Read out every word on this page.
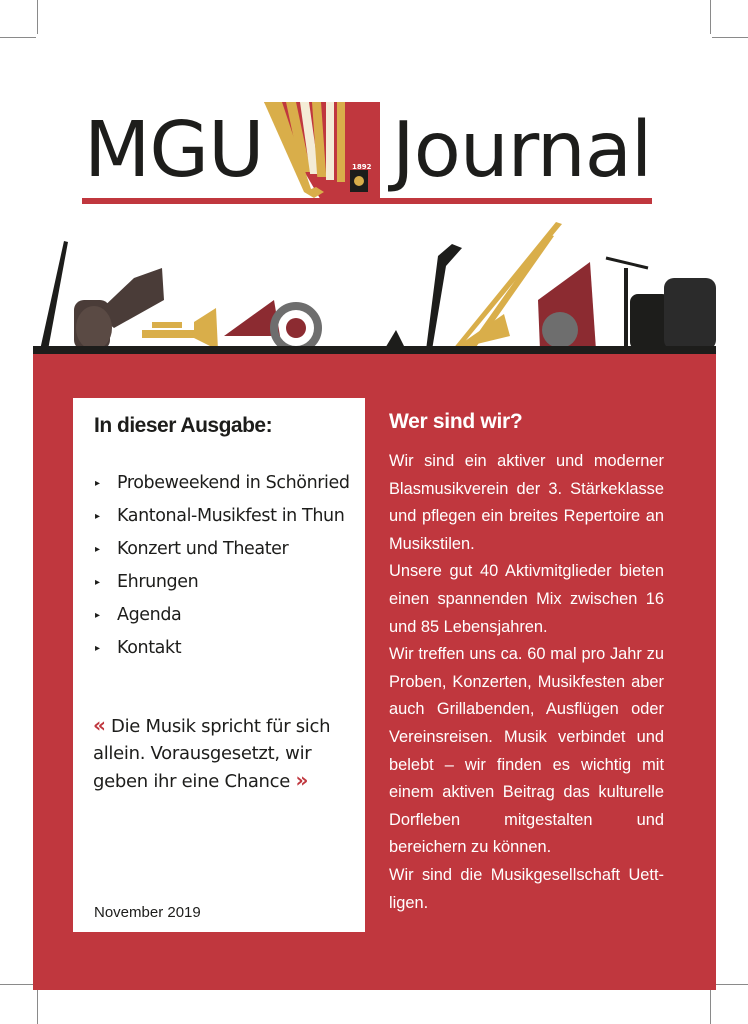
MGU	1892 Journal
In dieser Ausgabe:
▸ Probeweekend in Schönried
▸ Kantonal-Musikfest in Thun
▸ Konzert und Theater
▸ Ehrungen
▸ Agenda
▸ Kontakt

« Die Musik spricht für sich allein. Vorausgesetzt, wir geben ihr eine Chance »

November 2019

Wer sind wir?

Wir sind ein aktiver und moderner Blasmusikverein der 3. Stärkeklasse und pflegen ein breites Repertoire an Musikstilen.

Unsere gut 40 Aktivmitglieder bieten einen spannenden Mix zwischen 16 und 85 Lebensjahren.

Wir treffen uns ca. 60 mal pro Jahr zu Proben, Konzerten, Musikfesten aber auch Grillabenden, Ausflügen oder Vereinsreisen. Musik verbindet und belebt – wir finden es wichtig mit einem aktiven Beitrag das kulturelle Dorfleben mitgestalten und bereichern zu können.

Wir sind die Musikgesellschaft Uettligen.
